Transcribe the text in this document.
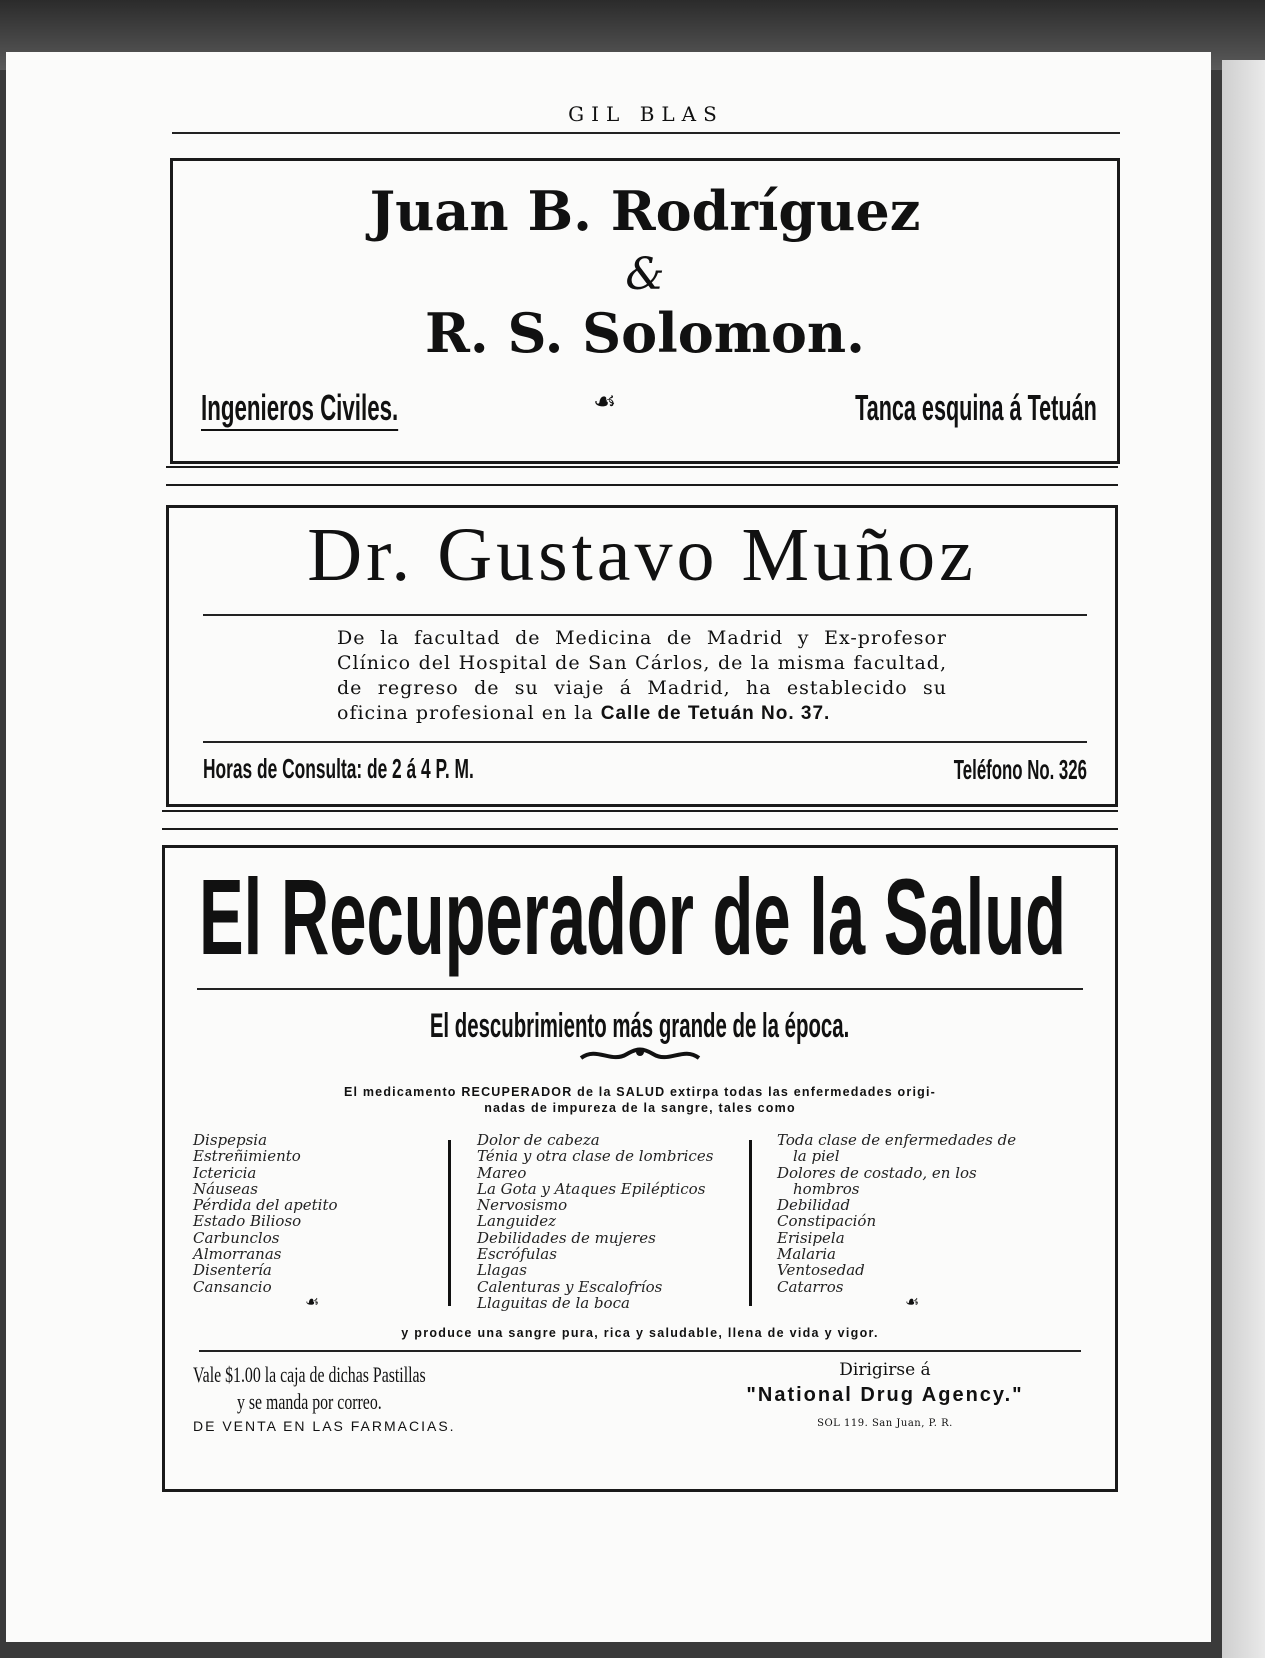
GIL BLAS
Juan B. Rodríguez
&
R. S. Solomon.
Ingenieros Civiles.	☙	Tanca esquina á Tetuán
Dr. Gustavo Muñoz
De la facultad de Medicina de Madrid y Ex-profesor Clínico del Hospital de San Cárlos, de la misma facultad, de regreso de su viaje á Madrid, ha establecido su oficina profesional en la Calle de Tetuán No. 37.
Horas de Consulta: de 2 á 4 P. M.	Teléfono No. 326
El Recuperador de la Salud
El descubrimiento más grande de la época.
El medicamento RECUPERADOR de la SALUD extirpa todas las enfermedades origi-
nadas de impureza de la sangre, tales como
Dispepsia
Estreñimiento
Ictericia
Náuseas
Pérdida del apetito
Estado Bilioso
Carbunclos
Almorranas
Disentería
Cansancio
Dolor de cabeza
Ténia y otra clase de lombrices
Mareo
La Gota y Ataques Epilépticos
Nervosismo
Languidez
Debilidades de mujeres
Escrófulas
Llagas
Calenturas y Escalofríos
Llaguitas de la boca
Toda clase de enfermedades de
la piel
Dolores de costado, en los
hombros
Debilidad
Constipación
Erisipela
Malaria
Ventosedad
Catarros
☙	☙
y produce una sangre pura, rica y saludable, llena de vida y vigor.
Vale $1.00 la caja de dichas Pastillas
y se manda por correo.
DE VENTA EN LAS FARMACIAS.
Dirigirse á
"National Drug Agency."
SOL 119. San Juan, P. R.
